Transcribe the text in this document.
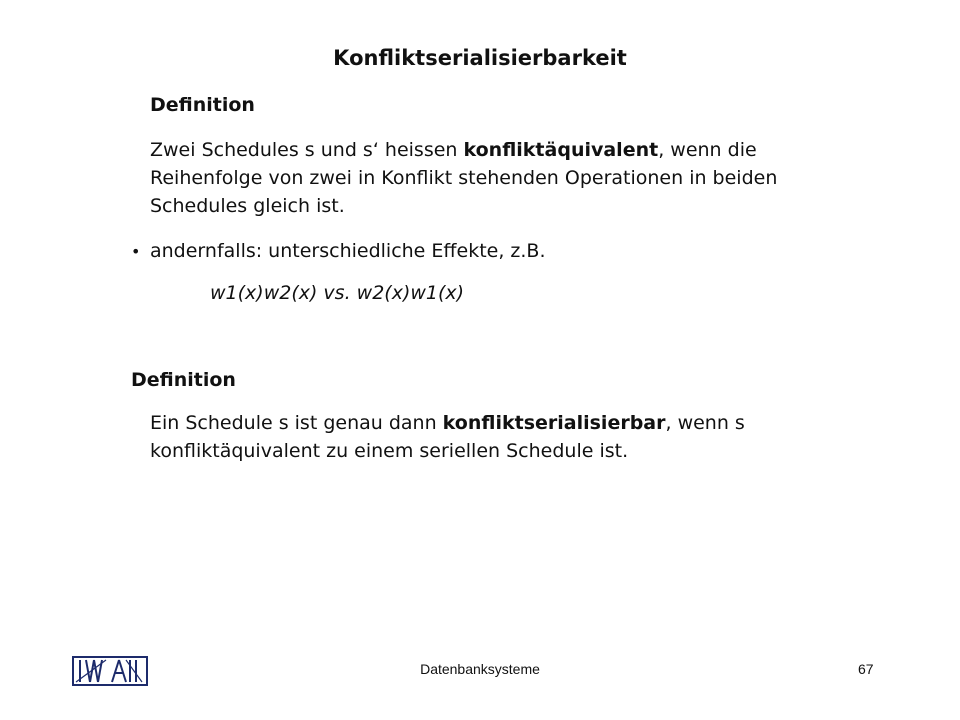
Konfliktserialisierbarkeit
Definition
Zwei Schedules s und s‘ heissen konfliktäquivalent, wenn die
Reihenfolge von zwei in Konflikt stehenden Operationen in beiden
Schedules gleich ist.
• andernfalls: unterschiedliche Effekte, z.B.
w1(x)w2(x) vs. w2(x)w1(x)
Definition
Ein Schedule s ist genau dann konfliktserialisierbar, wenn s
konfliktäquivalent zu einem seriellen Schedule ist.
Datenbanksysteme	67
